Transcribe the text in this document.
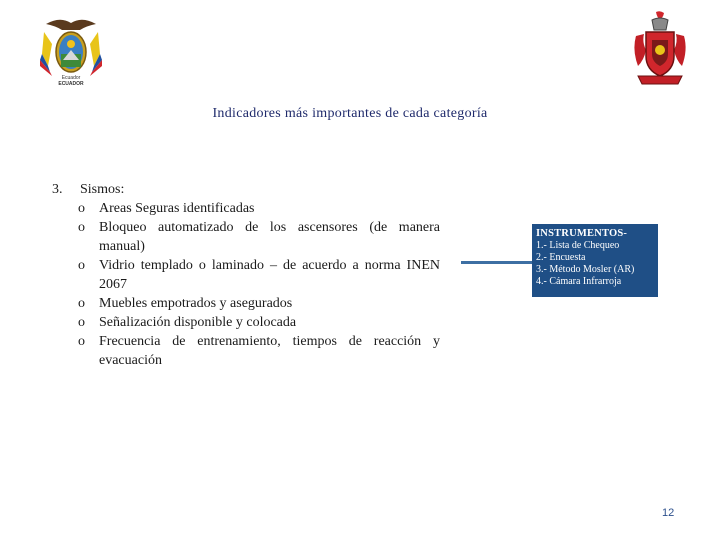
Ecuador
ECUADOR
Indicadores más importantes de cada categoría
3. Sismos:
o Areas Seguras identificadas
o Bloqueo automatizado de los ascensores (de manera manual)
o Vidrio templado o laminado – de acuerdo a norma INEN 2067
o Muebles empotrados y asegurados
o Señalización disponible y colocada
o Frecuencia de entrenamiento, tiempos de reacción y evacuación
INSTRUMENTOS-
1.- Lista de Chequeo
2.- Encuesta
3.- Método Mosler (AR)
4.- Cámara Infrarroja
12
